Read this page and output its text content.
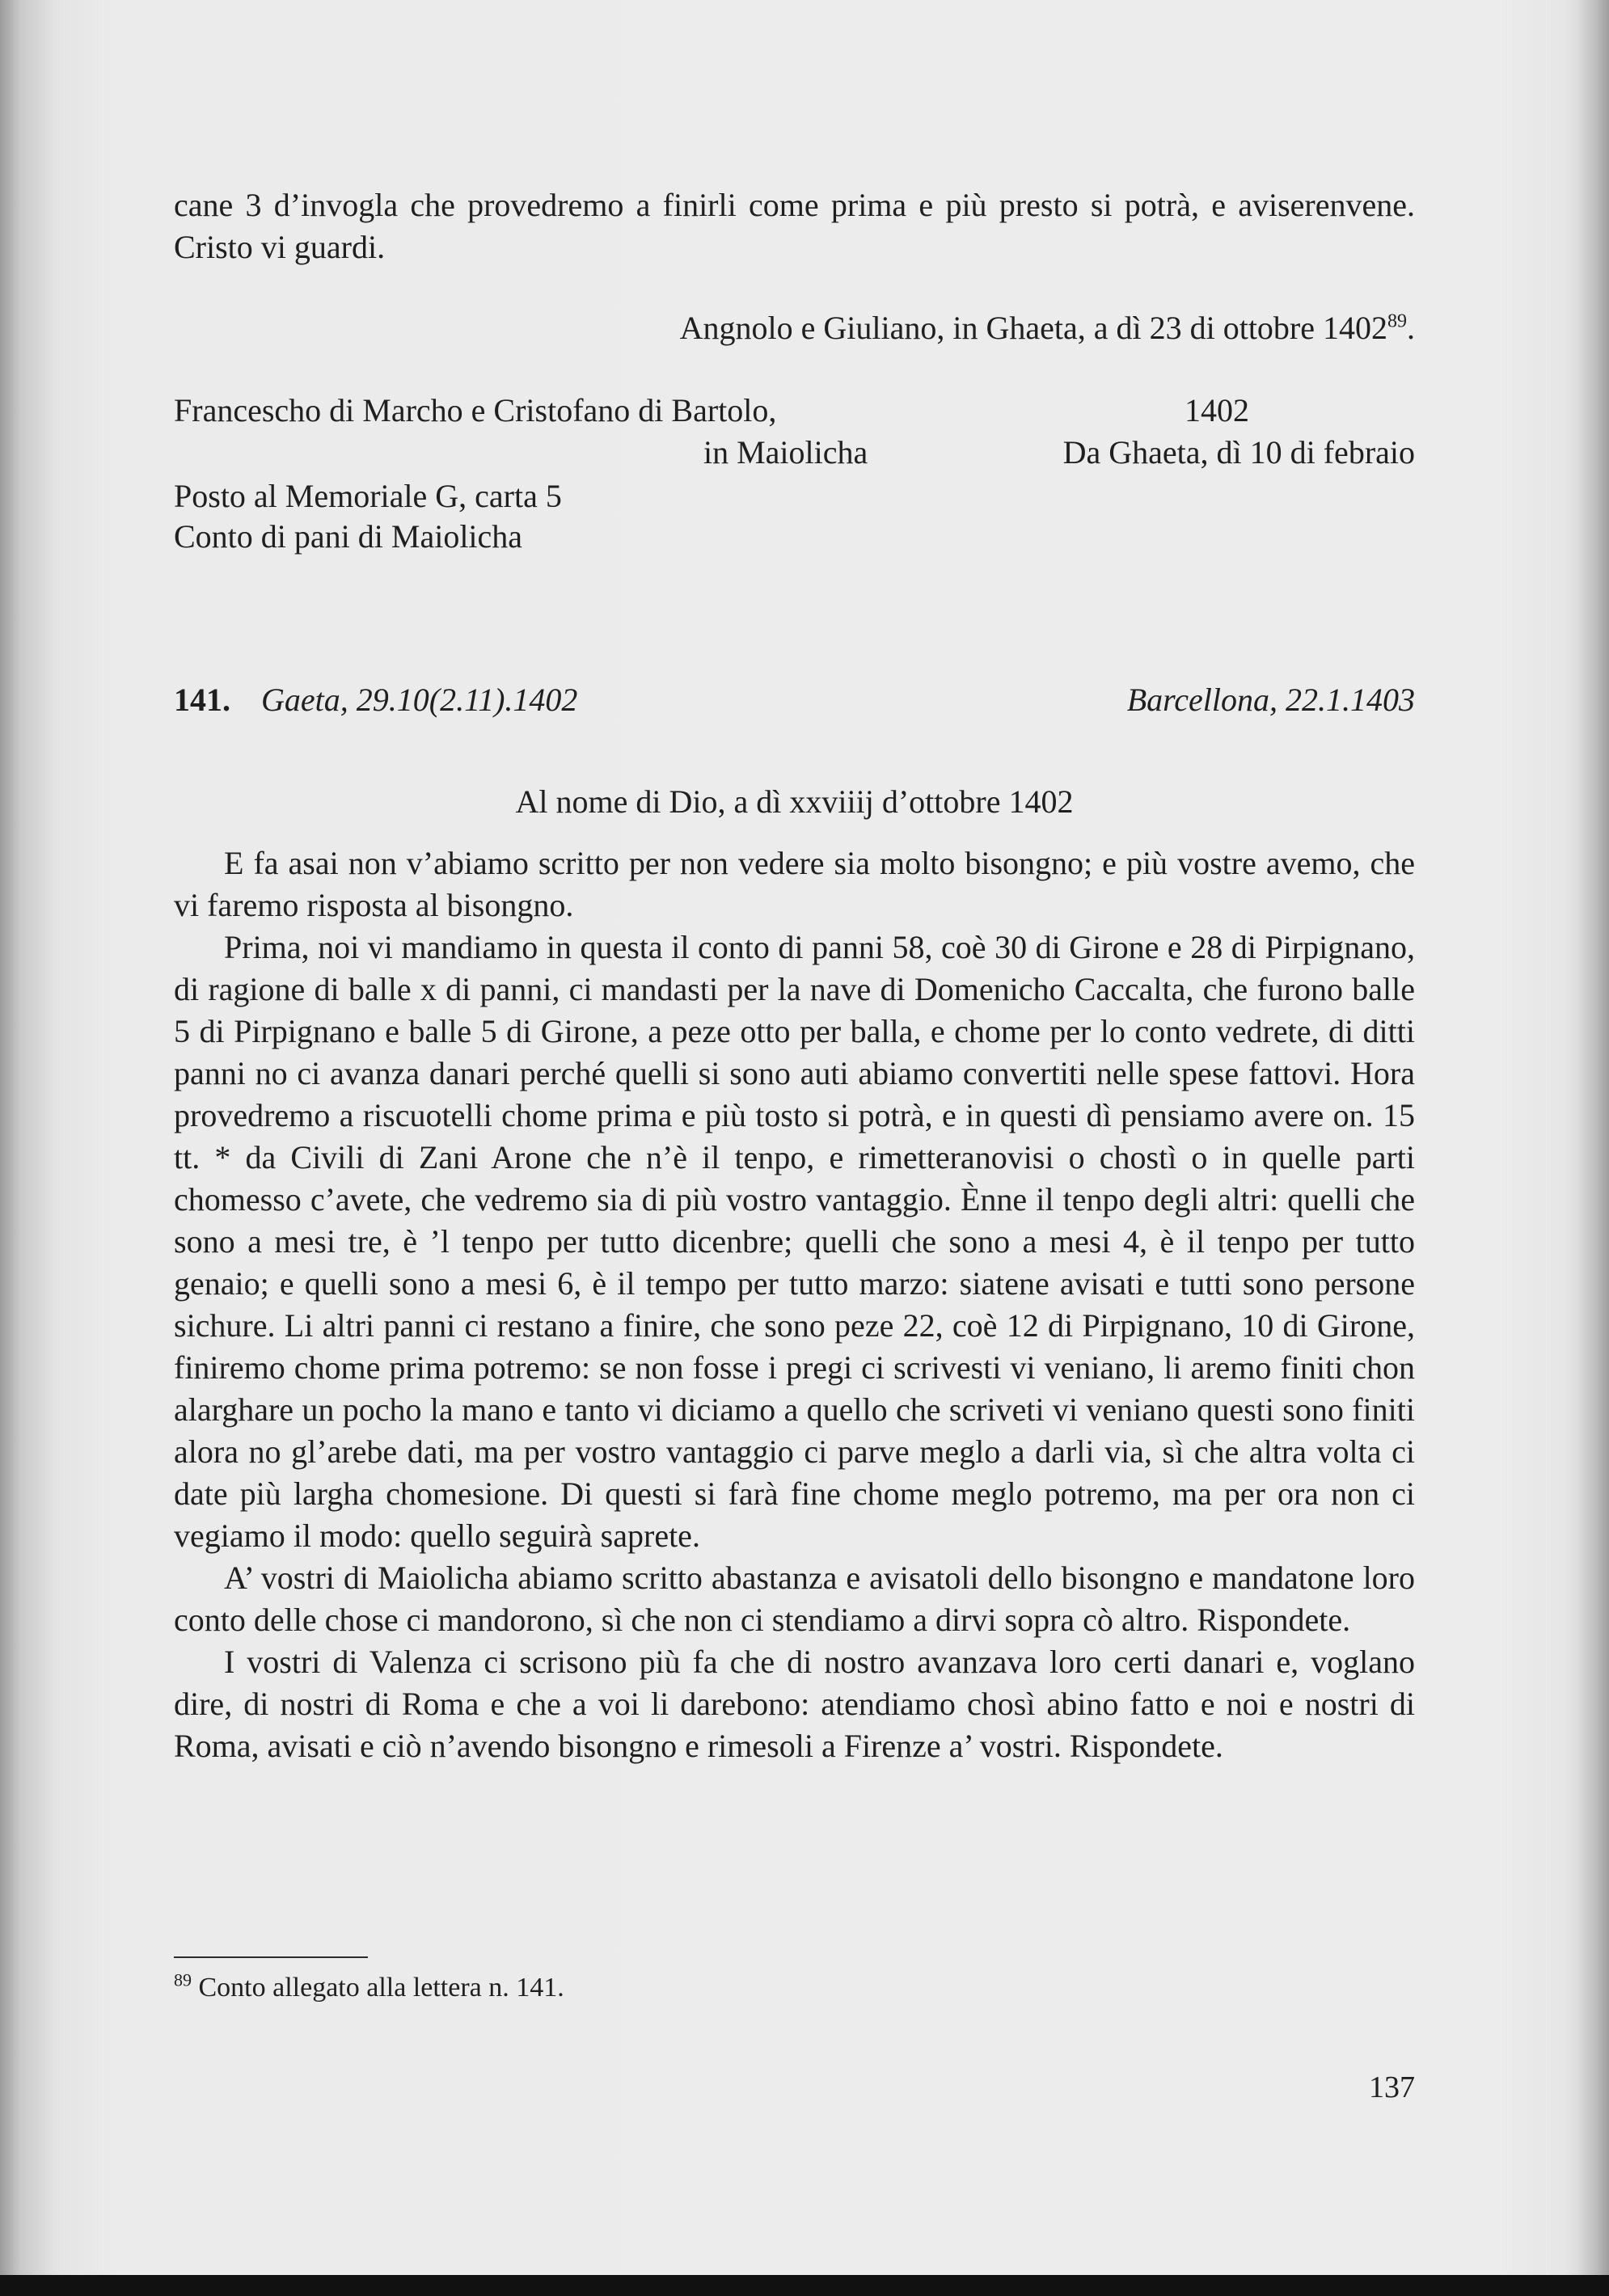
cane 3 d’invogla che provedremo a finirli come prima e più presto si potrà, e aviserenvene.
Cristo vi guardi.
Angnolo e Giuliano, in Ghaeta, a dì 23 di ottobre 1402$^{89}$.
Francescho di Marcho e Cristofano di Bartolo,	1402
in Maiolicha	Da Ghaeta, dì 10 di febraio
Posto al Memoriale G, carta 5
Conto di pani di Maiolicha
141. Gaeta, 29.10(2.11).1402	Barcellona, 22.1.1403
Al nome di Dio, a dì xxviiij d’ottobre 1402

E fa asai non v’abiamo scritto per non vedere sia molto bisongno; e più vostre avemo, che vi faremo risposta al bisongno.

Prima, noi vi mandiamo in questa il conto di panni 58, coè 30 di Girone e 28 di Pirpignano, di ragione di balle x di panni, ci mandasti per la nave di Domenicho Caccalta, che furono balle 5 di Pirpignano e balle 5 di Girone, a peze otto per balla, e chome per lo conto vedrete, di ditti panni no ci avanza danari perché quelli si sono auti abiamo convertiti nelle spese fattovi. Hora provedremo a riscuotelli chome prima e più tosto si potrà, e in questi dì pensiamo avere on. 15 tt. * da Civili di Zani Arone che n’è il tenpo, e rimetteranovisi o chostì o in quelle parti chomesso c’avete, che vedremo sia di più vostro vantaggio. Ènne il tenpo degli altri: quelli che sono a mesi tre, è ’l tenpo per tutto dicenbre; quelli che sono a mesi 4, è il tenpo per tutto genaio; e quelli sono a mesi 6, è il tempo per tutto marzo: siatene avisati e tutti sono persone sichure. Li altri panni ci restano a finire, che sono peze 22, coè 12 di Pirpignano, 10 di Girone, finiremo chome prima potremo: se non fosse i pregi ci scrivesti vi veniano, li aremo finiti chon alarghare un pocho la mano e tanto vi diciamo a quello che scriveti vi veniano questi sono finiti alora no gl’arebe dati, ma per vostro vantaggio ci parve meglo a darli via, sì che altra volta ci date più largha chomesione. Di questi si farà fine chome meglo potremo, ma per ora non ci vegiamo il modo: quello seguirà saprete.

A’ vostri di Maiolicha abiamo scritto abastanza e avisatoli dello bisongno e mandatone loro conto delle chose ci mandorono, sì che non ci stendiamo a dirvi sopra cò altro. Rispondete.

I vostri di Valenza ci scrisono più fa che di nostro avanzava loro certi danari e, voglano dire, di nostri di Roma e che a voi li darebono: atendiamo chosì abino fatto e noi e nostri di Roma, avisati e ciò n’avendo bisongno e rimesoli a Firenze a’ vostri. Rispondete.

$^{89}$ Conto allegato alla lettera n. 141.
137
